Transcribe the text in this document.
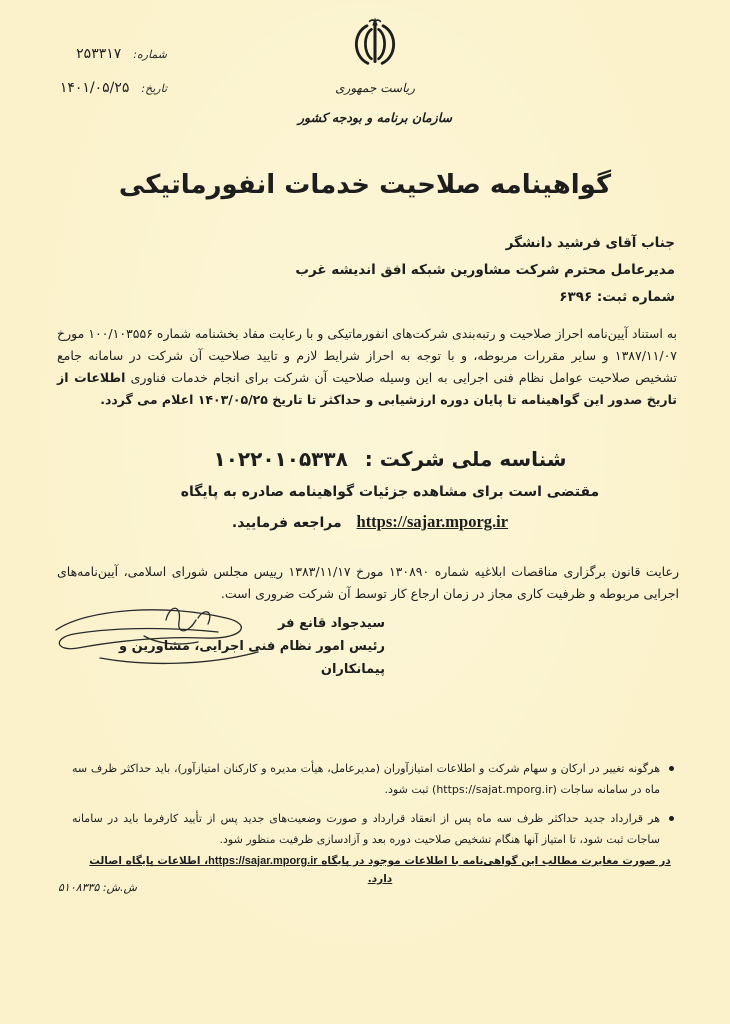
شماره:
۲۵۳۳۱۷
تاریخ:
۱۴۰۱/۰۵/۲۵	ریاست جمهوری
سازمان برنامه و بودجه کشور
گواهینامه صلاحیت خدمات انفورماتیکی
جناب آقای فرشید دانشگر
مدیرعامل محترم شرکت مشاورین شبکه افق اندیشه غرب
شماره ثبت: ۶۳۹۶

به استناد آیین‌نامه احراز صلاحیت و رتبه‌بندی شرکت‌های انفورماتیکی و با رعایت مفاد بخشنامه شماره ۱۰۰/۱۰۳۵۵۶ مورخ ۱۳۸۷/۱۱/۰۷ و سایر مقررات مربوطه، و با توجه به احراز شرایط لازم و تایید صلاحیت آن شرکت در سامانه جامع تشخیص صلاحیت عوامل نظام فنی اجرایی به این وسیله صلاحیت آن شرکت برای انجام خدمات فناوری اطلاعات از تاریخ صدور این گواهینامه تا پایان دوره ارزشیابی و حداکثر تا تاریخ ۱۴۰۳/۰۵/۲۵ اعلام می گردد.

شناسه ملی شرکت : ۱۰۲۲۰۱۰۵۳۳۸
مقتضی است برای مشاهده جزئیات گواهینامه صادره به پایگاه
https://sajar.mporg.ir مراجعه فرمایید.

رعایت قانون برگزاری مناقصات ابلاغیه شماره ۱۳۰۸۹۰ مورخ ۱۳۸۳/۱۱/۱۷ رییس مجلس شورای اسلامی، آیین‌نامه‌های اجرایی مربوطه و ظرفیت کاری مجاز در زمان ارجاع کار توسط آن شرکت ضروری است.

سیدجواد قانع فر
رئیس امور نظام فنی اجرایی، مشاورین و پیمانکاران
هرگونه تغییر در ارکان و سهام شرکت و اطلاعات امتیازآوران (مدیرعامل، هیأت مدیره و کارکنان امتیازآور)، باید حداکثر ظرف سه ماه در سامانه ساجات (https://sajat.mporg.ir) ثبت شود.
هر قرارداد جدید حداکثر ظرف سه ماه پس از انعقاد قرارداد و صورت وضعیت‌های جدید پس از تأیید کارفرما باید در سامانه ساجات ثبت شود، تا امتیاز آنها هنگام تشخیص صلاحیت دوره بعد و آزادسازی ظرفیت منظور شود.
در صورت مغایرت مطالب این گواهی‌نامه با اطلاعات موجود در پایگاه https://sajar.mporg.ir، اطلاعات پایگاه اصالت دارد.
ش.ش: ۵۱۰۸۳۳۵
